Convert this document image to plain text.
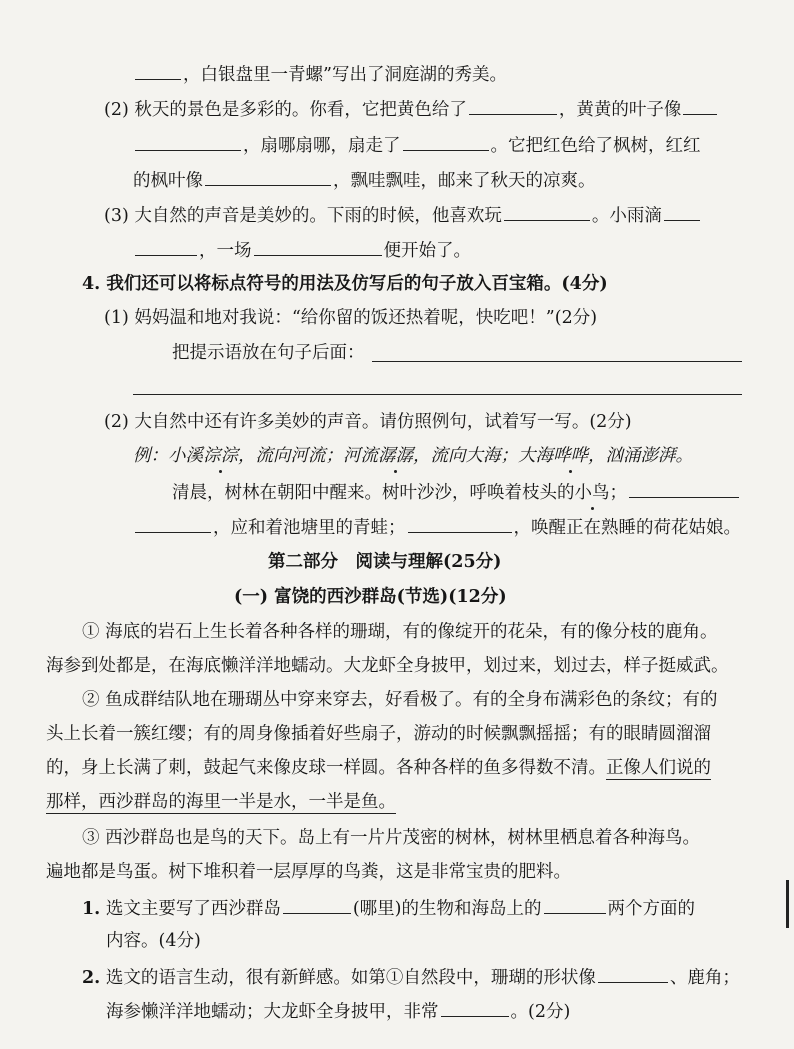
，白银盘里一青螺”写出了洞庭湖的秀美。
(2) 秋天的景色是多彩的。你看，它把黄色给了	，黄黄的叶子像
，扇哪扇哪，扇走了	。它把红色给了枫树，红红
的枫叶像	，飘哇飘哇，邮来了秋天的凉爽。
(3) 大自然的声音是美妙的。下雨的时候，他喜欢玩	。小雨滴
，一场	便开始了。
4. 我们还可以将标点符号的用法及仿写后的句子放入百宝箱。(4分)
(1) 妈妈温和地对我说：“给你留的饭还热着呢，快吃吧！”(2分)
把提示语放在句子后面：
(2) 大自然中还有许多美妙的声音。请仿照例句，试着写一写。(2分)
例：小溪淙淙，流向河流；河流潺潺，流向大海；大海哗哗，汹涌澎湃。
清晨，树林在朝阳中醒来。树叶沙沙，呼唤着枝头的小鸟；
，应和着池塘里的青蛙；	，唤醒正在熟睡的荷花姑娘。
第二部分　阅读与理解(25分)
(一) 富饶的西沙群岛(节选)(12分)
① 海底的岩石上生长着各种各样的珊瑚，有的像绽开的花朵，有的像分枝的鹿角。
海参到处都是，在海底懒洋洋地蠕动。大龙虾全身披甲，划过来，划过去，样子挺威武。
② 鱼成群结队地在珊瑚丛中穿来穿去，好看极了。有的全身布满彩色的条纹；有的
头上长着一簇红缨；有的周身像插着好些扇子，游动的时候飘飘摇摇；有的眼睛圆溜溜
的，身上长满了刺，鼓起气来像皮球一样圆。各种各样的鱼多得数不清。正像人们说的
那样，西沙群岛的海里一半是水，一半是鱼。
③ 西沙群岛也是鸟的天下。岛上有一片片茂密的树林，树林里栖息着各种海鸟。
遍地都是鸟蛋。树下堆积着一层厚厚的鸟粪，这是非常宝贵的肥料。
1. 选文主要写了西沙群岛	(哪里)的生物和海岛上的	两个方面的
内容。(4分)
2. 选文的语言生动，很有新鲜感。如第①自然段中，珊瑚的形状像	、鹿角；
海参懒洋洋地蠕动；大龙虾全身披甲，非常	。(2分)
